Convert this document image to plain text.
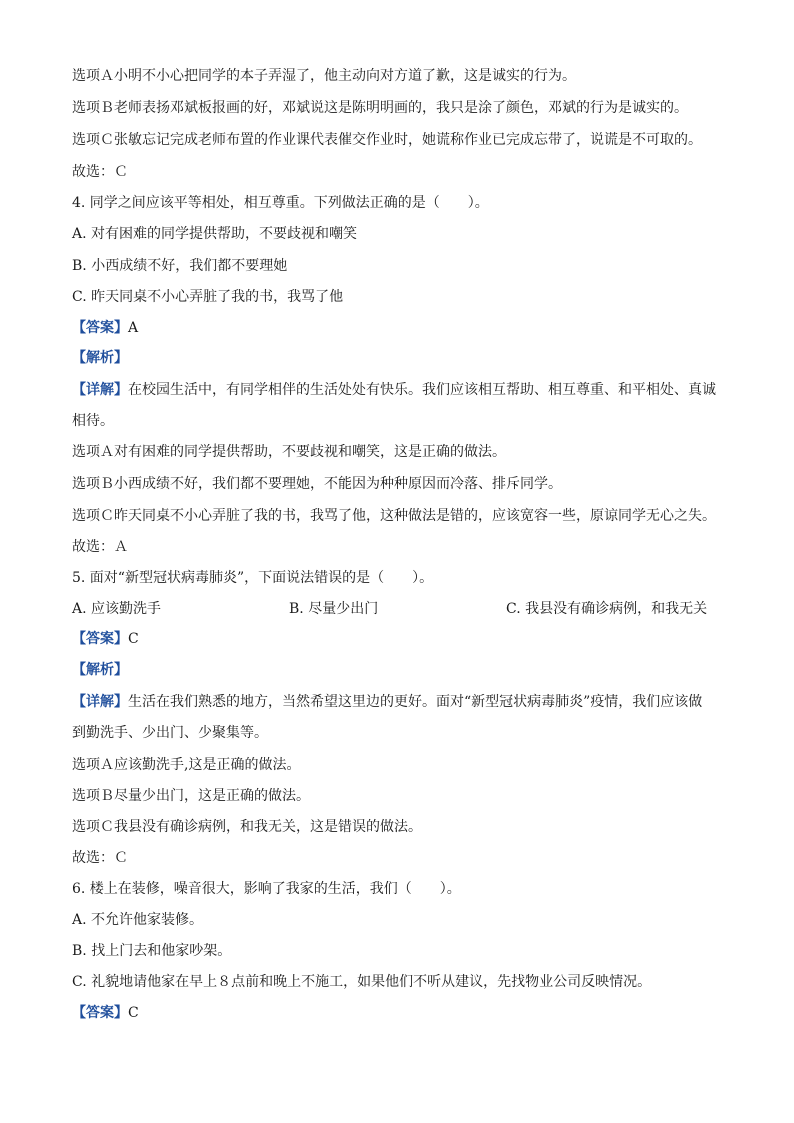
选项Ａ小明不小心把同学的本子弄湿了，他主动向对方道了歉，这是诚实的行为。
选项Ｂ老师表扬邓斌板报画的好，邓斌说这是陈明明画的，我只是涂了颜色，邓斌的行为是诚实的。
选项Ｃ张敏忘记完成老师布置的作业课代表催交作业时，她谎称作业已完成忘带了，说谎是不可取的。
故选：Ｃ
4. 同学之间应该平等相处，相互尊重。下列做法正确的是（　　）。
A. 对有困难的同学提供帮助，不要歧视和嘲笑
B. 小西成绩不好，我们都不要理她
C. 昨天同桌不小心弄脏了我的书，我骂了他
【答案】A
【解析】
【详解】在校园生活中，有同学相伴的生活处处有快乐。我们应该相互帮助、相互尊重、和平相处、真诚
相待。
选项Ａ对有困难的同学提供帮助，不要歧视和嘲笑，这是正确的做法。
选项Ｂ小西成绩不好，我们都不要理她，不能因为种种原因而冷落、排斥同学。
选项Ｃ昨天同桌不小心弄脏了我的书，我骂了他，这种做法是错的，应该宽容一些，原谅同学无心之失。
故选：Ａ
5. 面对“新型冠状病毒肺炎”，下面说法错误的是（　　）。
A. 应该勤洗手	B. 尽量少出门	C. 我县没有确诊病例，和我无关
【答案】C
【解析】
【详解】生活在我们熟悉的地方，当然希望这里边的更好。面对“新型冠状病毒肺炎”疫情，我们应该做
到勤洗手、少出门、少聚集等。
选项Ａ应该勤洗手,这是正确的做法。
选项Ｂ尽量少出门，这是正确的做法。
选项Ｃ我县没有确诊病例，和我无关，这是错误的做法。
故选：Ｃ
6. 楼上在装修，噪音很大，影响了我家的生活，我们（　　）。
A. 不允许他家装修。
B. 找上门去和他家吵架。
C. 礼貌地请他家在早上８点前和晚上不施工，如果他们不听从建议，先找物业公司反映情况。
【答案】C
